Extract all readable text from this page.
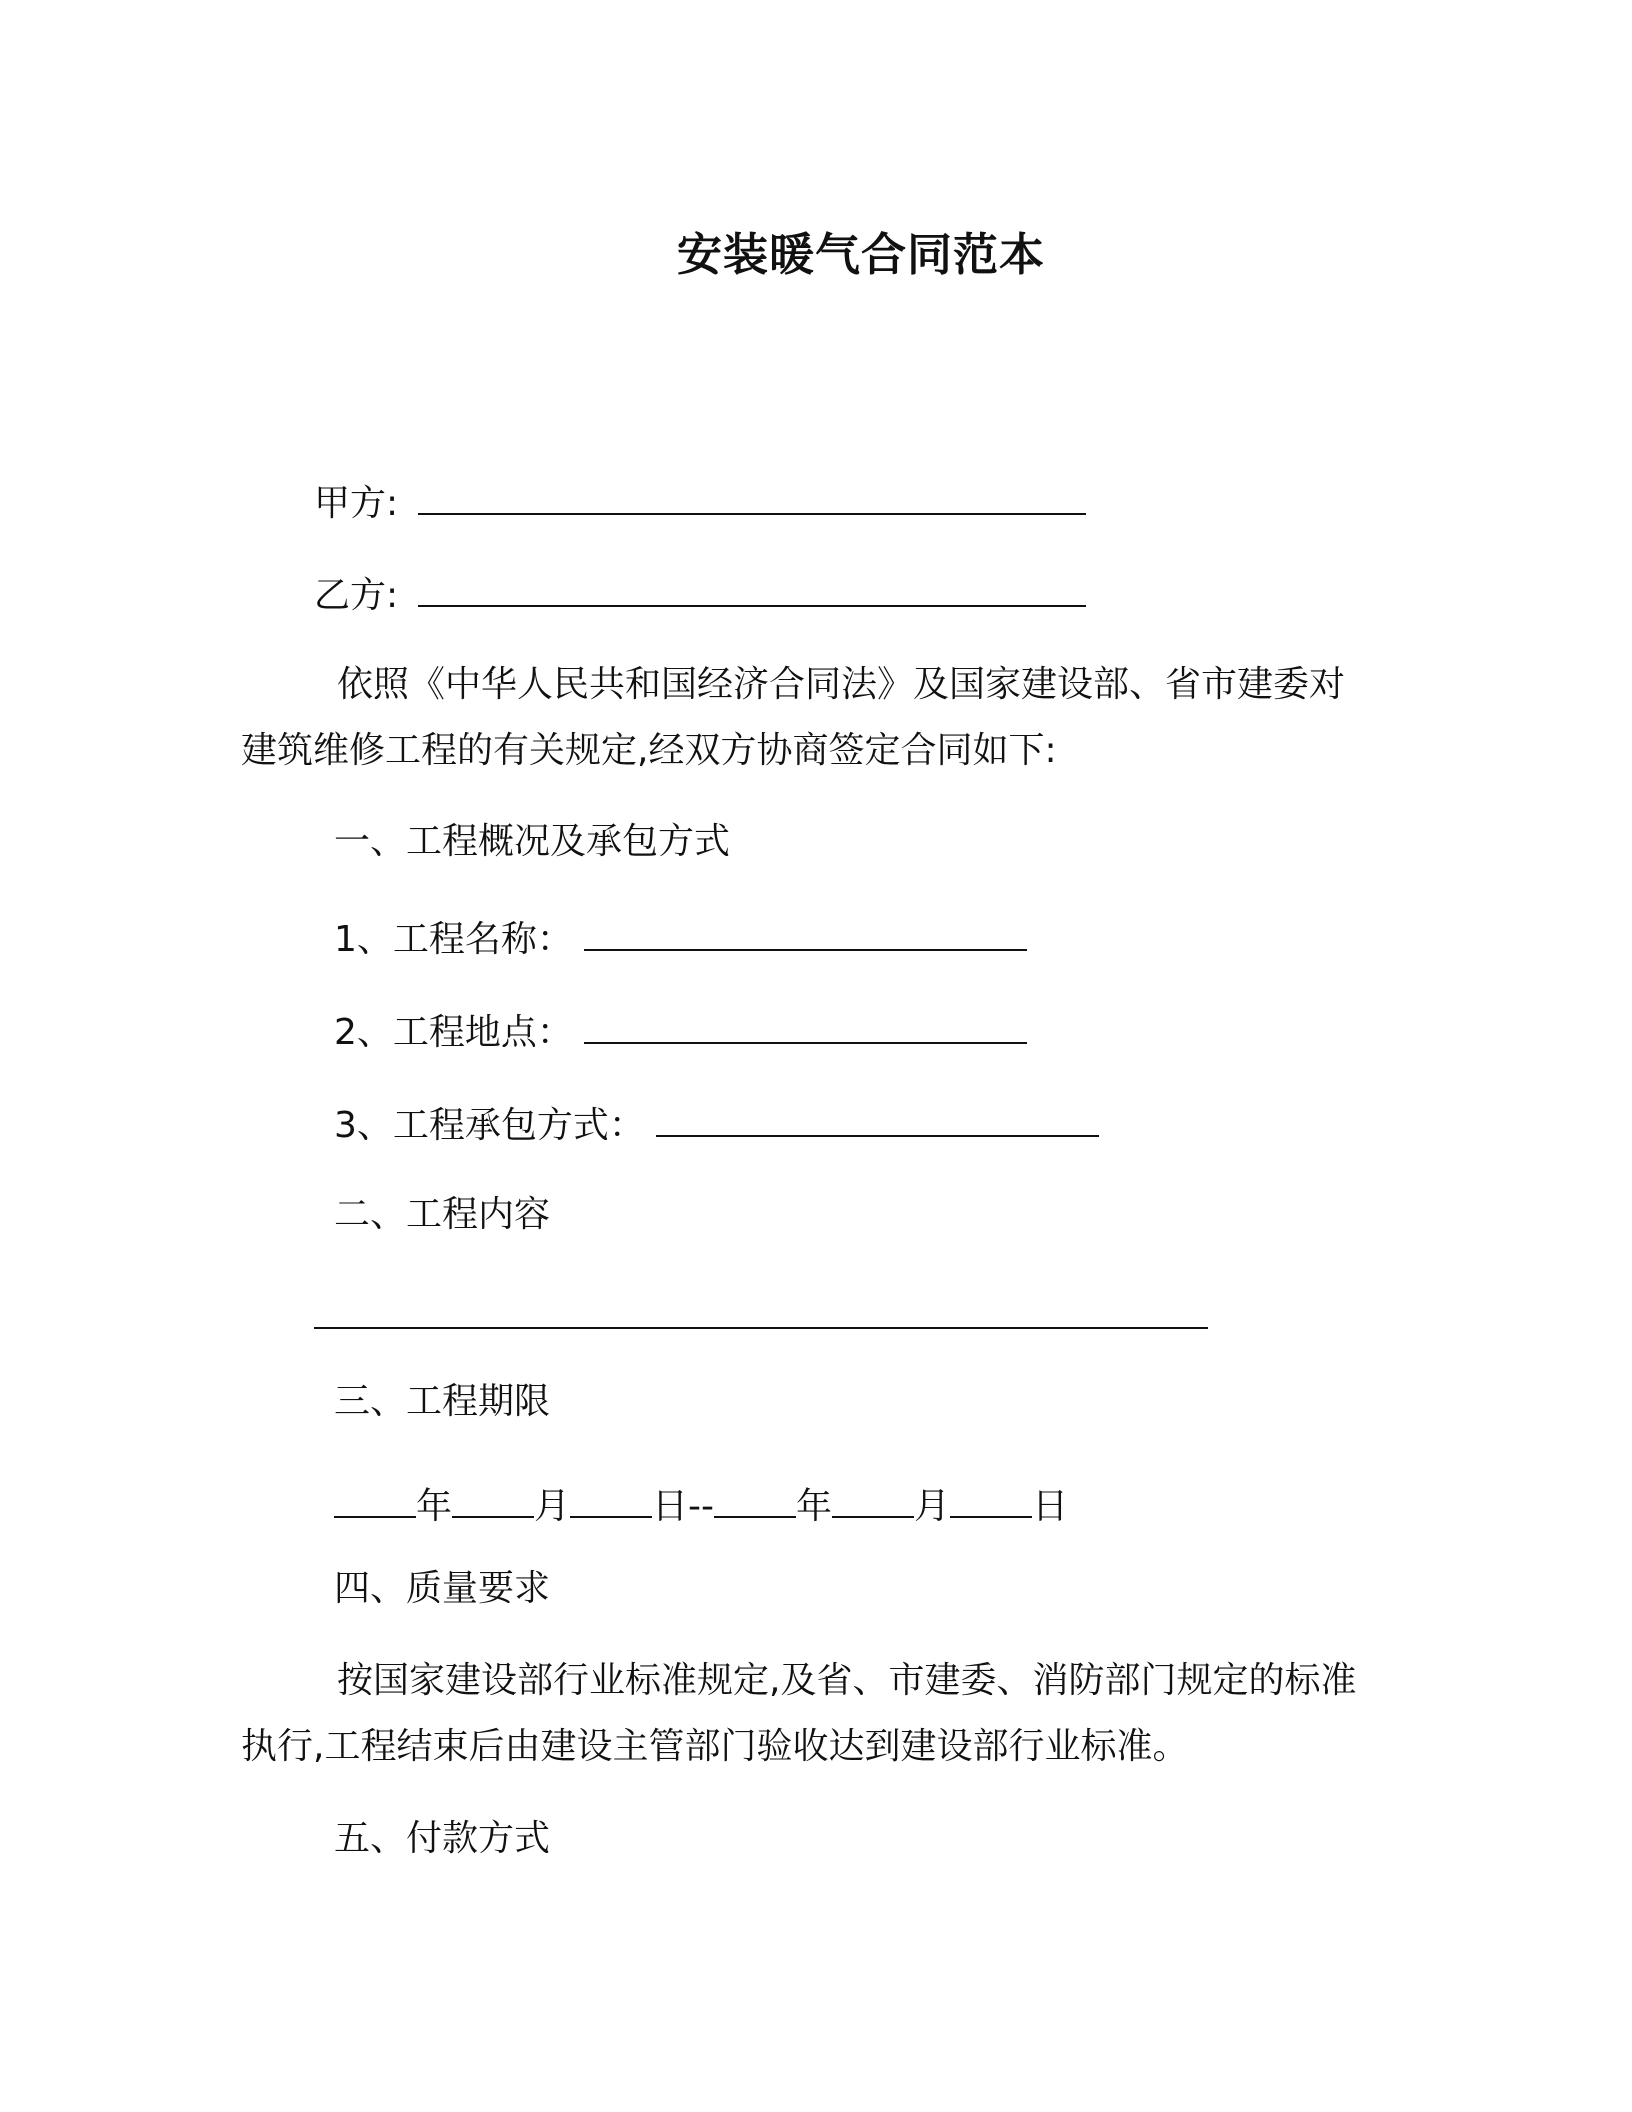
安装暖气合同范本
甲方:
乙方:
依照《中华人民共和国经济合同法》及国家建设部、省市建委对建筑维修工程的有关规定,经双方协商签定合同如下:
一、工程概况及承包方式
1、工程名称：
2、工程地点：
3、工程承包方式：
二、工程内容
三、工程期限
年 月 日-- 年 月 日
四、质量要求
按国家建设部行业标准规定,及省、市建委、消防部门规定的标准执行,工程结束后由建设主管部门验收达到建设部行业标准。
五、付款方式
